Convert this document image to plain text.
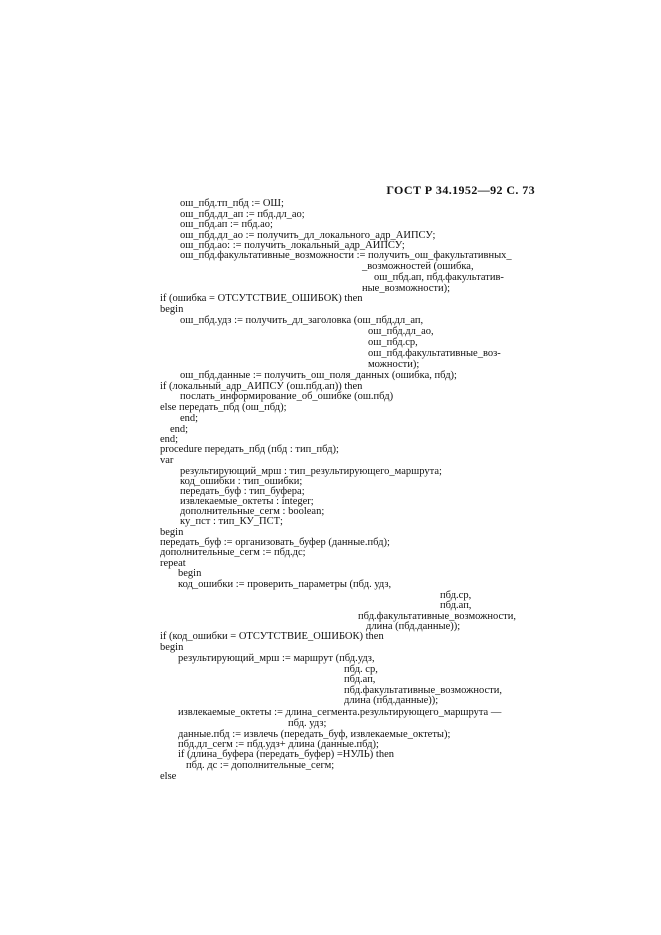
ГОСТ Р 34.1952—92 С. 73
ош_пбд.тп_пбд := ОШ;
ош_пбд.дл_ап := пбд.дл_ао;
ош_пбд.ап := пбд.ао;
ош_пбд.дл_ао := получить_дл_локального_адр_АИПСУ;
ош_пбд.ао: := получить_локальный_адр_АИПСУ;
ош_пбд.факультативные_возможности := получить_ош_факультативных_
_возможностей (ошибка,
ош_пбд.ап, пбд.факультатив-
ные_возможности);
if (ошибка = ОТСУТСТВИЕ_ОШИБОК) then
begin
ош_пбд.удз := получить_дл_заголовка (ош_пбд.дл_ап,
ош_пбд.дл_ао,
ош_пбд.ср,
ош_пбд.факультативные_воз-
можности);
ош_пбд.данные := получить_ош_поля_данных (ошибка, пбд);
if (локальный_адр_АИПСУ (ош.пбд.ап)) then
послать_информирование_об_ошибке (ош.пбд)
else передать_пбд (ош_пбд);
end;
end;
end;
procedure передать_пбд (пбд : тип_пбд);
var
результирующий_мрш : тип_результирующего_маршрута;
код_ошибки : тип_ошибки;
передать_буф : тип_буфера;
извлекаемые_октеты : integer;
дополнительные_сегм : boolean;
ку_пст : тип_КУ_ПСТ;
begin
передать_буф := организовать_буфер (данные.пбд);
дополнительные_сегм := пбд.дс;
repeat
begin
код_ошибки := проверить_параметры (пбд. удз,
пбд.ср,
пбд.ап,
пбд.факультативные_возможности,
длина (пбд.данные));
if (код_ошибки = ОТСУТСТВИЕ_ОШИБОК) then
begin
результирующий_мрш := маршрут (пбд.удз,
пбд. ср,
пбд.ап,
пбд.факультативные_возможности,
длина (пбд.данные));
извлекаемые_октеты := длина_сегмента.результирующего_маршрута —
пбд. удз;
данные.пбд := извлечь (передать_буф, извлекаемые_октеты);
пбд.дл_сегм := пбд.удз+ длина (данные.пбд);
if (длина_буфера (передать_буфер) =НУЛЬ) then
пбд. дс := дополнительные_сегм;
else
